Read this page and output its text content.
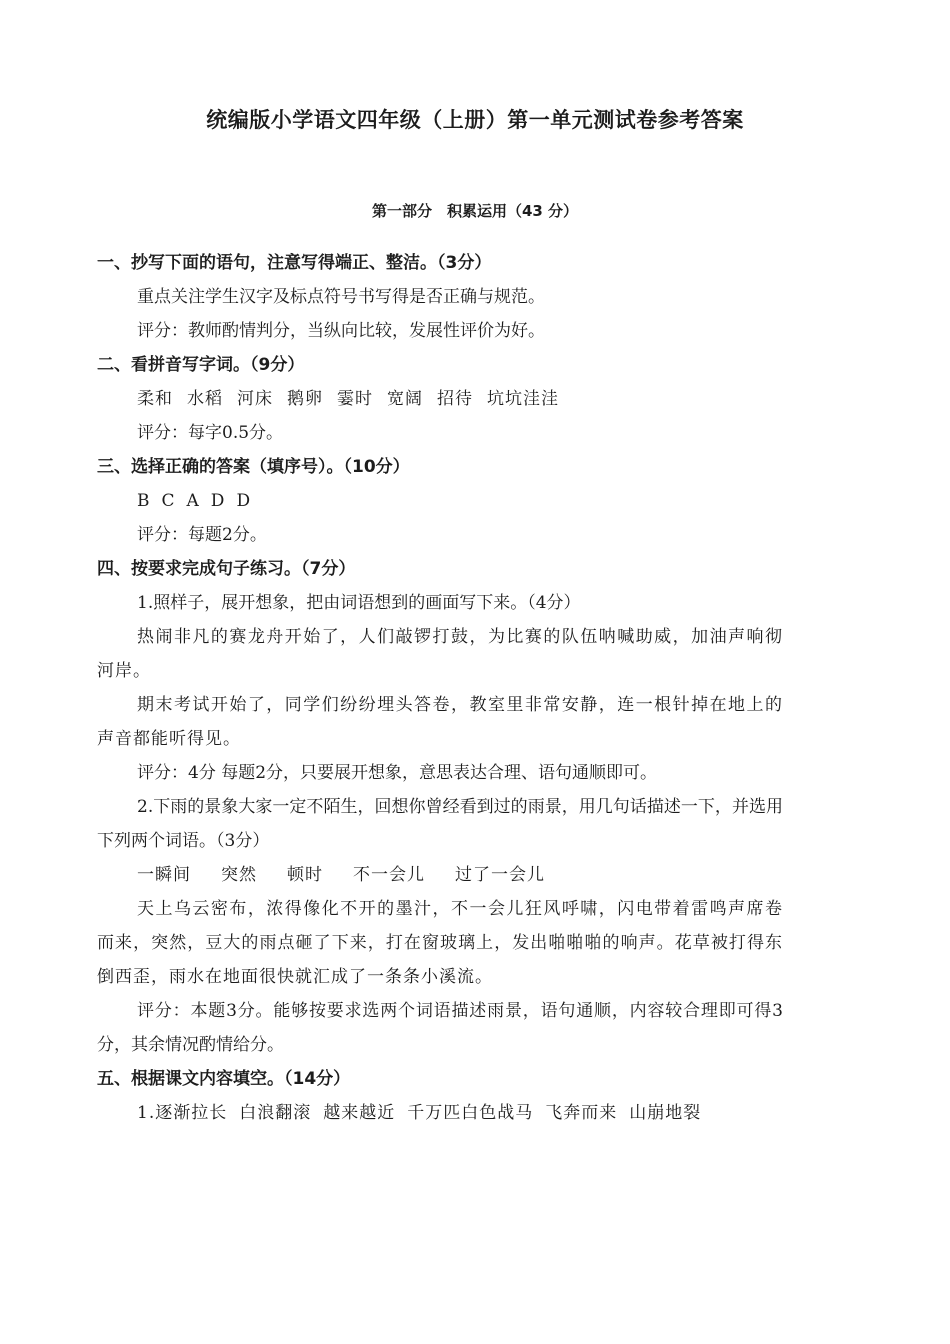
统编版小学语文四年级（上册）第一单元测试卷参考答案
第一部分　积累运用（43 分）
一、抄写下面的语句，注意写得端正、整洁。（3分）
重点关注学生汉字及标点符号书写得是否正确与规范。
评分：教师酌情判分，当纵向比较，发展性评价为好。
二、看拼音写字词。（9分）
柔和 水稻 河床 鹅卵 霎时 宽阔 招待 坑坑洼洼
评分：每字0.5分。
三、选择正确的答案（填序号）。（10分）
B C A D D
评分：每题2分。
四、按要求完成句子练习。（7分）
1.照样子，展开想象，把由词语想到的画面写下来。（4分）
热闹非凡的赛龙舟开始了，人们敲锣打鼓，为比赛的队伍呐喊助威，加油声响彻河岸。
期末考试开始了，同学们纷纷埋头答卷，教室里非常安静，连一根针掉在地上的声音都能听得见。
评分：4分 每题2分，只要展开想象，意思表达合理、语句通顺即可。
2.下雨的景象大家一定不陌生，回想你曾经看到过的雨景，用几句话描述一下，并选用下列两个词语。（3分）
一瞬间 突然 顿时 不一会儿 过了一会儿
天上乌云密布，浓得像化不开的墨汁，不一会儿狂风呼啸，闪电带着雷鸣声席卷而来，突然，豆大的雨点砸了下来，打在窗玻璃上，发出啪啪啪的响声。花草被打得东倒西歪，雨水在地面很快就汇成了一条条小溪流。
评分：本题3分。能够按要求选两个词语描述雨景，语句通顺，内容较合理即可得3分，其余情况酌情给分。
五、根据课文内容填空。（14分）
1.逐渐拉长 白浪翻滚 越来越近 千万匹白色战马 飞奔而来 山崩地裂
